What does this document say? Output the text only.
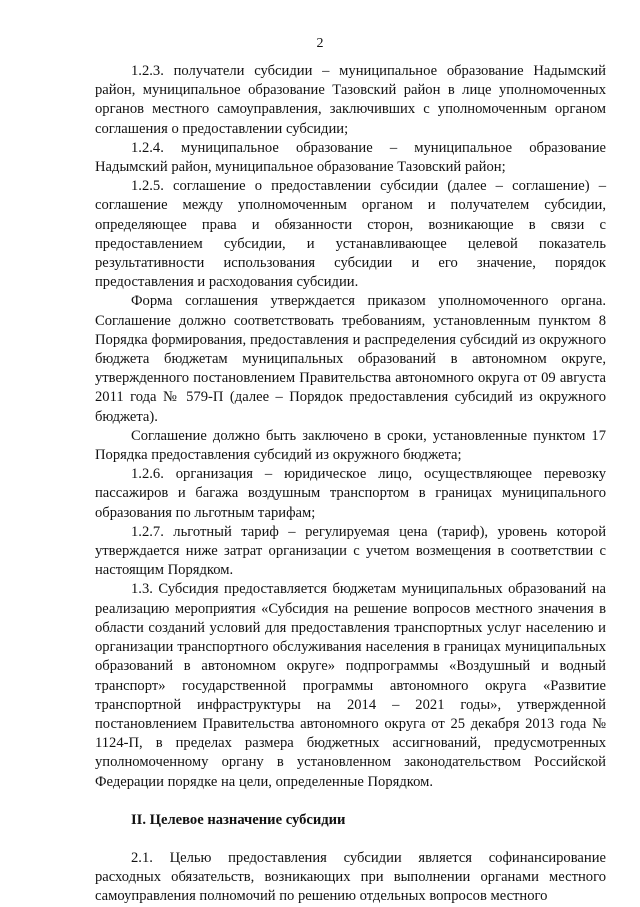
2

1.2.3. получатели субсидии – муниципальное образование Надымский район, муниципальное образование Тазовский район в лице уполномоченных органов местного самоуправления, заключивших с уполномоченным органом соглашения о предоставлении субсидии;

1.2.4. муниципальное образование – муниципальное образование Надымский район, муниципальное образование Тазовский район;

1.2.5. соглашение о предоставлении субсидии (далее – соглашение) – соглашение между уполномоченным органом и получателем субсидии, определяющее права и обязанности сторон, возникающие в связи с предоставлением субсидии, и устанавливающее целевой показатель результативности использования субсидии и его значение, порядок предоставления и расходования субсидии.

Форма соглашения утверждается приказом уполномоченного органа. Соглашение должно соответствовать требованиям, установленным пунктом 8 Порядка формирования, предоставления и распределения субсидий из окружного бюджета бюджетам муниципальных образований в автономном округе, утвержденного постановлением Правительства автономного округа от 09 августа 2011 года № 579-П (далее – Порядок предоставления субсидий из окружного бюджета).

Соглашение должно быть заключено в сроки, установленные пунктом 17 Порядка предоставления субсидий из окружного бюджета;

1.2.6. организация – юридическое лицо, осуществляющее перевозку пассажиров и багажа воздушным транспортом в границах муниципального образования по льготным тарифам;

1.2.7. льготный тариф – регулируемая цена (тариф), уровень которой утверждается ниже затрат организации с учетом возмещения в соответствии с настоящим Порядком.

1.3. Субсидия предоставляется бюджетам муниципальных образований на реализацию мероприятия «Субсидия на решение вопросов местного значения в области созданий условий для предоставления транспортных услуг населению и организации транспортного обслуживания населения в границах муниципальных образований в автономном округе» подпрограммы «Воздушный и водный транспорт» государственной программы автономного округа «Развитие транспортной инфраструктуры на 2014 – 2021 годы», утвержденной постановлением Правительства автономного округа от 25 декабря 2013 года № 1124-П, в пределах размера бюджетных ассигнований, предусмотренных уполномоченному органу в установленном законодательством Российской Федерации порядке на цели, определенные Порядком.

II. Целевое назначение субсидии

2.1. Целью предоставления субсидии является софинансирование расходных обязательств, возникающих при выполнении органами местного самоуправления полномочий по решению отдельных вопросов местного
